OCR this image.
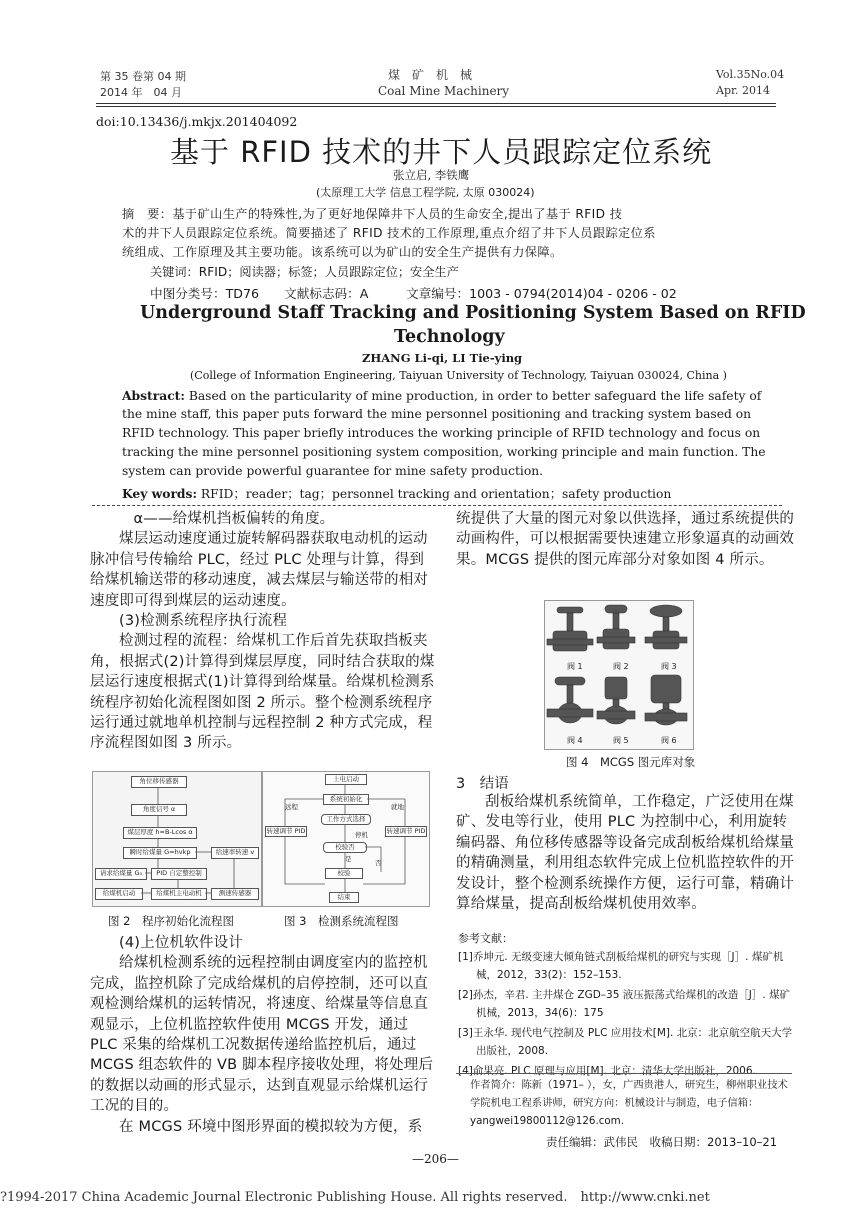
第 35 卷第 04 期
2014 年　04 月
煤　矿　机　械
Coal Mine Machinery
Vol.35No.04
Apr. 2014
doi:10.13436/j.mkjx.201404092
基于 RFID 技术的井下人员跟踪定位系统
张立启, 李铁鹰
(太原理工大学 信息工程学院, 太原 030024)
摘　要：基于矿山生产的特殊性,为了更好地保障井下人员的生命安全,提出了基于 RFID 技
术的井下人员跟踪定位系统。简要描述了 RFID 技术的工作原理,重点介绍了井下人员跟踪定位系
统组成、工作原理及其主要功能。该系统可以为矿山的安全生产提供有力保障。
关键词：RFID；阅读器；标签；人员跟踪定位；安全生产
中图分类号：TD76　　文献标志码：A　　　文章编号：1003 - 0794(2014)04 - 0206 - 02
Underground Staff Tracking and Positioning System Based on RFID
Technology
ZHANG Li-qi, LI Tie-ying
(College of Information Engineering, Taiyuan University of Technology, Taiyuan 030024, China )
Abstract: Based on the particularity of mine production, in order to better safeguard the life safety of
the mine staff, this paper puts forward the mine personnel positioning and tracking system based on
RFID technology. This paper briefly introduces the working principle of RFID technology and focus on
tracking the mine personnel positioning system composition, working principle and main function. The
system can provide powerful guarantee for mine safety production.
Key words: RFID；reader；tag；personnel tracking and orientation；safety production

α——给煤机挡板偏转的角度。

煤层运动速度通过旋转解码器获取电动机的运动脉冲信号传输给 PLC，经过 PLC 处理与计算，得到给煤机输送带的移动速度，减去煤层与输送带的相对速度即可得到煤层的运动速度。

(3)检测系统程序执行流程

检测过程的流程：给煤机工作后首先获取挡板夹角，根据式(2)计算得到煤层厚度，同时结合获取的煤层运行速度根据式(1)计算得到给煤量。给煤机检测系统程序初始化流程图如图 2 所示。整个检测系统程序运行通过就地单机控制与远程控制 2 种方式完成，程序流程图如图 3 所示。

角位移传感器
角度信号 α
煤层厚度 h=B-Lcos α
瞬时给煤量 G=hvkp	给速率转速 v
请求给煤量 G₀	PID 自定整控制
给煤机启动	给煤机主电动机	测速传感器
上电启动
系统初始化
远程	就地
工作方式选择
转速调节 PID	转速调节 PID
停机
校验否
是	否
校验
结束
图 2　程序初始化流程图	图 3　检测系统流程图

(4)上位机软件设计

给煤机检测系统的远程控制由调度室内的监控机完成，监控机除了完成给煤机的启停控制，还可以直观检测给煤机的运转情况，将速度、给煤量等信息直观显示，上位机监控软件使用 MCGS 开发，通过 PLC 采集的给煤机工况数据传递给监控机后，通过 MCGS 组态软件的 VB 脚本程序接收处理，将处理后的数据以动画的形式显示，达到直观显示给煤机运行工况的目的。

在 MCGS 环境中图形界面的模拟较为方便，系

统提供了大量的图元对象以供选择，通过系统提供的动画构件，可以根据需要快速建立形象逼真的动画效果。MCGS 提供的图元库部分对象如图 4 所示。

阀 1	阀 2	阀 3
阀 4	阀 5	阀 6
图 4　MCGS 图元库对象
3　结语

刮板给煤机系统简单，工作稳定，广泛使用在煤矿、发电等行业，使用 PLC 为控制中心，利用旋转编码器、角位移传感器等设备完成刮板给煤机给煤量的精确测量，利用组态软件完成上位机监控软件的开发设计，整个检测系统操作方便，运行可靠，精确计算给煤量，提高刮板给煤机使用效率。

参考文献：
[1]乔坤元. 无级变速大倾角链式刮板给煤机的研究与实现［J］. 煤矿机械，2012，33(2)：152–153.
[2]孙杰，辛君. 主井煤仓 ZGD–35 液压振荡式给煤机的改造［J］. 煤矿机械，2013，34(6)：175
[3]王永华. 现代电气控制及 PLC 应用技术[M]. 北京：北京航空航天大学出版社，2008.
[4]俞果亮. PLC 原理与应用[M]. 北京：清华大学出版社，2006.
作者简介：陈新（1971– ），女，广西贵港人，研究生，柳州职业技术学院机电工程系讲师，研究方向：机械设计与制造，电子信箱：yangwei19800112@126.com.
责任编辑：武伟民　收稿日期：2013–10–21
—206—
?1994-2017 China Academic Journal Electronic Publishing House. All rights reserved.　http://www.cnki.net
